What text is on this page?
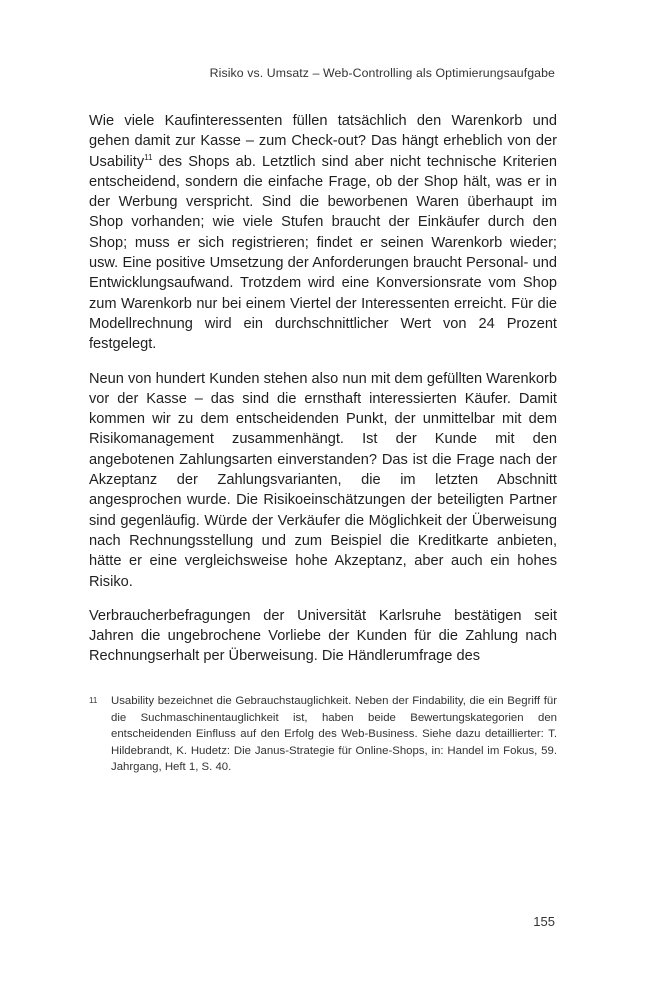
Risiko vs. Umsatz – Web-Controlling als Optimierungsaufgabe

Wie viele Kaufinteressenten füllen tatsächlich den Warenkorb und gehen damit zur Kasse – zum Check-out? Das hängt erheblich von der Usability$^{11}$ des Shops ab. Letztlich sind aber nicht technische Kriterien entscheidend, sondern die einfache Frage, ob der Shop hält, was er in der Werbung verspricht. Sind die beworbenen Waren überhaupt im Shop vorhanden; wie viele Stufen braucht der Einkäufer durch den Shop; muss er sich registrieren; findet er seinen Warenkorb wieder; usw. Eine positive Umsetzung der Anforderungen braucht Personal- und Entwicklungsaufwand. Trotzdem wird eine Konversionsrate vom Shop zum Warenkorb nur bei einem Viertel der Interessenten erreicht. Für die Modellrechnung wird ein durchschnittlicher Wert von 24 Prozent festgelegt.

Neun von hundert Kunden stehen also nun mit dem gefüllten Warenkorb vor der Kasse – das sind die ernsthaft interessierten Käufer. Damit kommen wir zu dem entscheidenden Punkt, der unmittelbar mit dem Risikomanagement zusammenhängt. Ist der Kunde mit den angebotenen Zahlungsarten einverstanden? Das ist die Frage nach der Akzeptanz der Zahlungsvarianten, die im letzten Abschnitt angesprochen wurde. Die Risikoeinschätzungen der beteiligten Partner sind gegenläufig. Würde der Verkäufer die Möglichkeit der Überweisung nach Rechnungsstellung und zum Beispiel die Kreditkarte anbieten, hätte er eine vergleichsweise hohe Akzeptanz, aber auch ein hohes Risiko.

Verbraucherbefragungen der Universität Karlsruhe bestätigen seit Jahren die ungebrochene Vorliebe der Kunden für die Zahlung nach Rechnungserhalt per Überweisung. Die Händlerumfrage des

11 Usability bezeichnet die Gebrauchstauglichkeit. Neben der Findability, die ein Begriff für die Suchmaschinentauglichkeit ist, haben beide Bewertungskategorien den entscheidenden Einfluss auf den Erfolg des Web-Business. Siehe dazu detaillierter: T. Hildebrandt, K. Hudetz: Die Janus-Strategie für Online-Shops, in: Handel im Fokus, 59. Jahrgang, Heft 1, S. 40.
155
